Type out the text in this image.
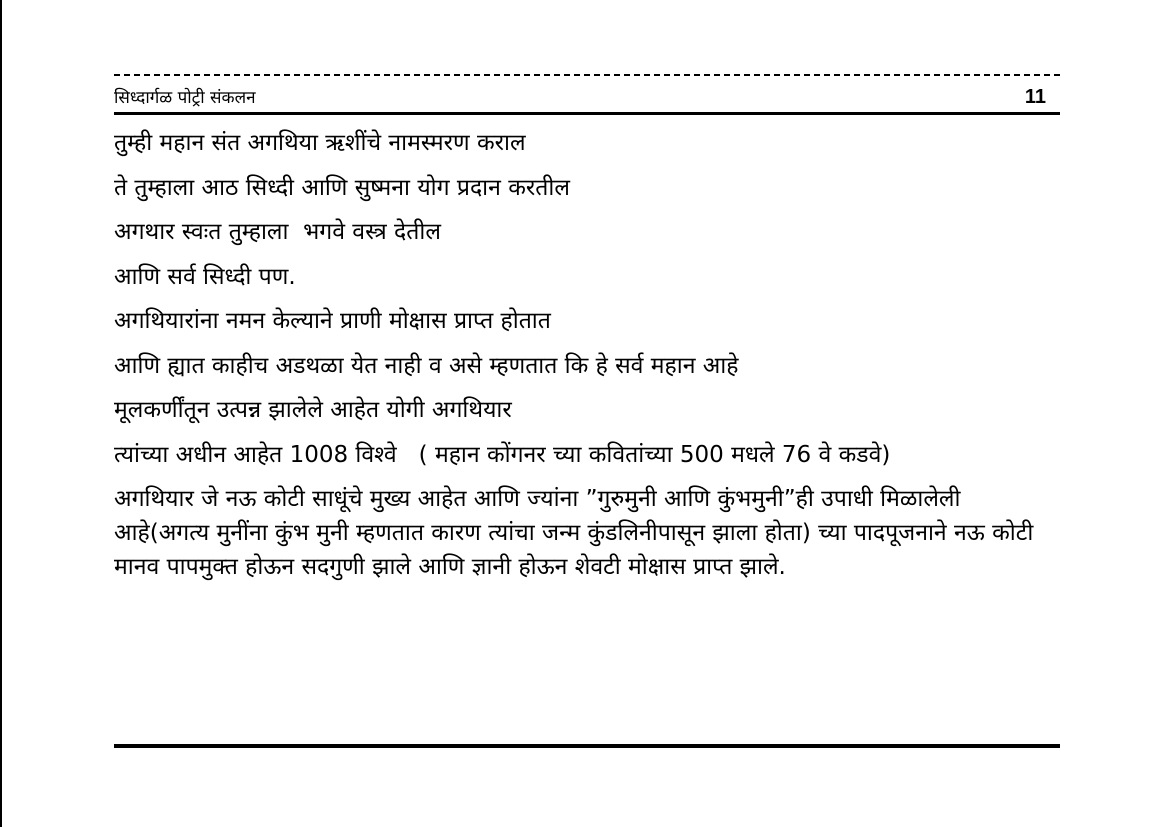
सिध्दार्गळ पोट्री संकलन	11

तुम्ही महान संत अगथिया ऋशींचे नामस्मरण कराल

ते तुम्हाला आठ सिध्दी आणि सुष्मना योग प्रदान करतील

अगथार स्वःत तुम्हाला  भगवे वस्त्र देतील

आणि सर्व सिध्दी पण.

अगथियारांना नमन केल्याने प्राणी मोक्षास प्राप्त होतात

आणि ह्यात काहीच अडथळा येत नाही व असे म्हणतात कि हे सर्व महान आहे

मूलकर्णींतून उत्पन्न झालेले आहेत योगी अगथियार

त्यांच्या अधीन आहेत 1008 विश्वे   ( महान कोंगनर च्या कवितांच्या 500 मधले 76 वे कडवे)

अगथियार जे नऊ कोटी साधूंचे मुख्य आहेत आणि ज्यांना ”गुरुमुनी आणि कुंभमुनी”ही उपाधी मिळालेली आहे(अगत्य मुनींना कुंभ मुनी म्हणतात कारण त्यांचा जन्म कुंडलिनीपासून झाला होता) च्या पादपूजनाने नऊ कोटी मानव पापमुक्त होऊन सदगुणी झाले आणि ज्ञानी होऊन शेवटी मोक्षास प्राप्त झाले.
